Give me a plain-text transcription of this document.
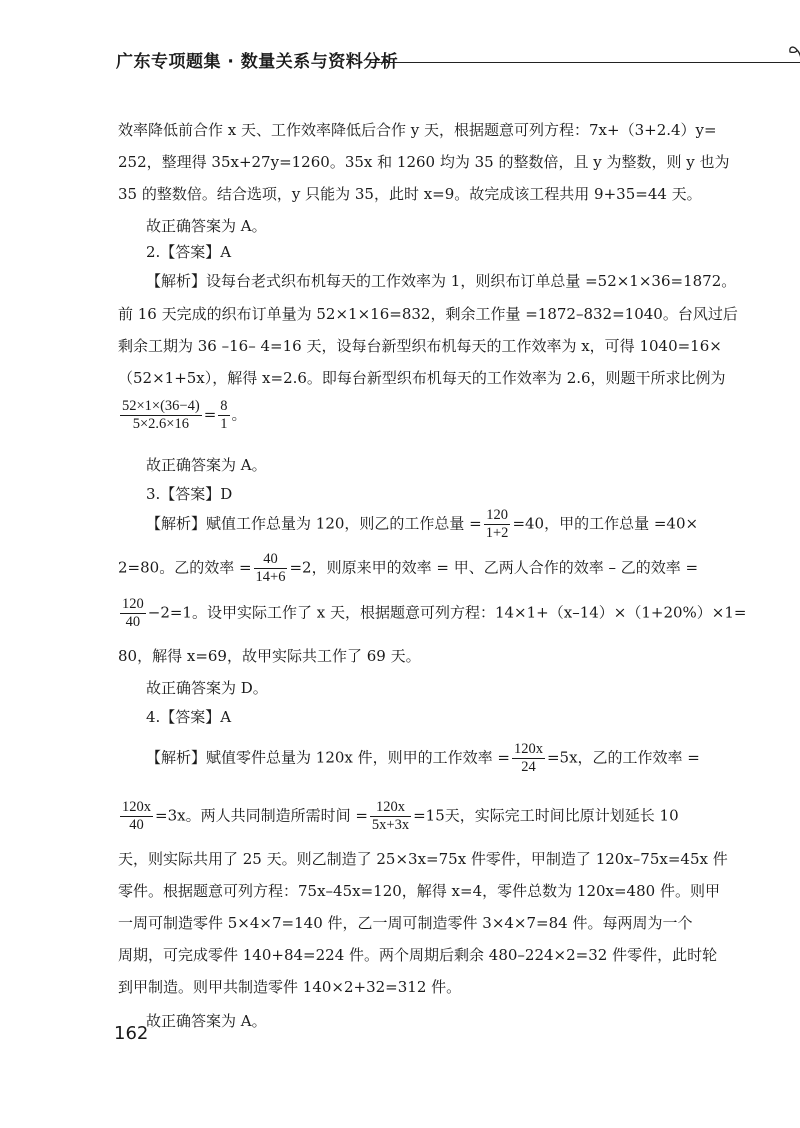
广东专项题集 · 数量关系与资料分析
效率降低前合作 x 天、工作效率降低后合作 y 天，根据题意可列方程：7x+（3+2.4）y=
252，整理得 35x+27y=1260。35x 和 1260 均为 35 的整数倍，且 y 为整数，则 y 也为
35 的整数倍。结合选项，y 只能为 35，此时 x=9。故完成该工程共用 9+35=44 天。
故正确答案为 A。
2.【答案】A
【解析】设每台老式织布机每天的工作效率为 1，则织布订单总量 =52×1×36=1872。
前 16 天完成的织布订单量为 52×1×16=832，剩余工作量 =1872–832=1040。台风过后
剩余工期为 36 –16– 4=16 天，设每台新型织布机每天的工作效率为 x，可得 1040=16×
（52×1+5x），解得 x=2.6。即每台新型织布机每天的工作效率为 2.6，则题干所求比例为
$\frac{52\times 1\times(36-4)}{5\times 2.6\times 16} = \frac{8}{1}$ 。
故正确答案为 A。
3.【答案】D
【解析】赋值工作总量为 120，则乙的工作总量 = $\frac{120}{1+2} =40$，甲的工作总量 =40×
2=80。乙的效率 = $\frac{40}{14+6} =2$，则原来甲的效率 = 甲、乙两人合作的效率 – 乙的效率 =
$\frac{120}{40} -2=1$。设甲实际工作了 x 天，根据题意可列方程：14×1+（x–14）×（1+20%）×1=
80，解得 x=69，故甲实际共工作了 69 天。
故正确答案为 D。
4.【答案】A
【解析】赋值零件总量为 120x 件，则甲的工作效率 = $\frac{120x}{24} =5x$，乙的工作效率 =
$\frac{120x}{40} =3x$。两人共同制造所需时间 = $\frac{120x}{5x+3x} =15$天，实际完工时间比原计划延长 10
天，则实际共用了 25 天。则乙制造了 25×3x=75x 件零件，甲制造了 120x–75x=45x 件
零件。根据题意可列方程：75x–45x=120，解得 x=4，零件总数为 120x=480 件。则甲
一周可制造零件 5×4×7=140 件，乙一周可制造零件 3×4×7=84 件。每两周为一个
周期，可完成零件 140+84=224 件。两个周期后剩余 480–224×2=32 件零件，此时轮
到甲制造。则甲共制造零件 140×2+32=312 件。
故正确答案为 A。
162
